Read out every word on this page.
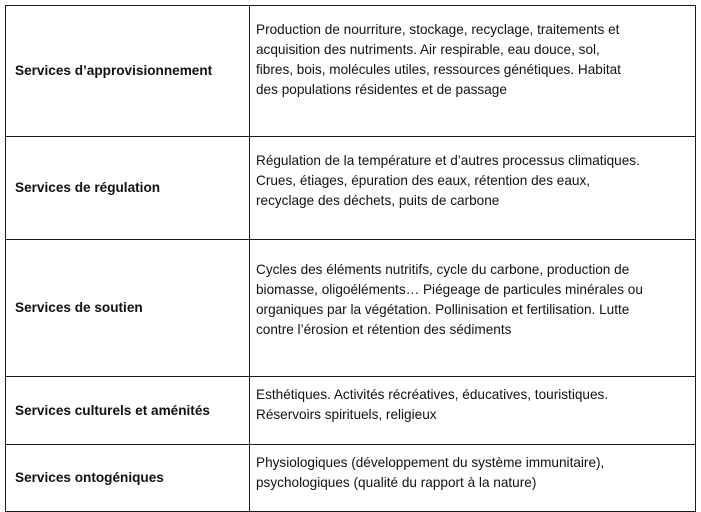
Services d’approvisionnement	Production de nourriture, stockage, recyclage, traitements et
acquisition des nutriments. Air respirable, eau douce, sol,
fibres, bois, molécules utiles, ressources génétiques. Habitat
des populations résidentes et de passage

Services de régulation	Régulation de la température et d’autres processus climatiques.
Crues, étiages, épuration des eaux, rétention des eaux,
recyclage des déchets, puits de carbone

Services de soutien	Cycles des éléments nutritifs, cycle du carbone, production de
biomasse, oligoéléments… Piégeage de particules minérales ou
organiques par la végétation. Pollinisation et fertilisation. Lutte
contre l’érosion et rétention des sédiments

Services culturels et aménités	Esthétiques. Activités récréatives, éducatives, touristiques.
Réservoirs spirituels, religieux

Services ontogéniques	Physiologiques (développement du système immunitaire),
psychologiques (qualité du rapport à la nature)
